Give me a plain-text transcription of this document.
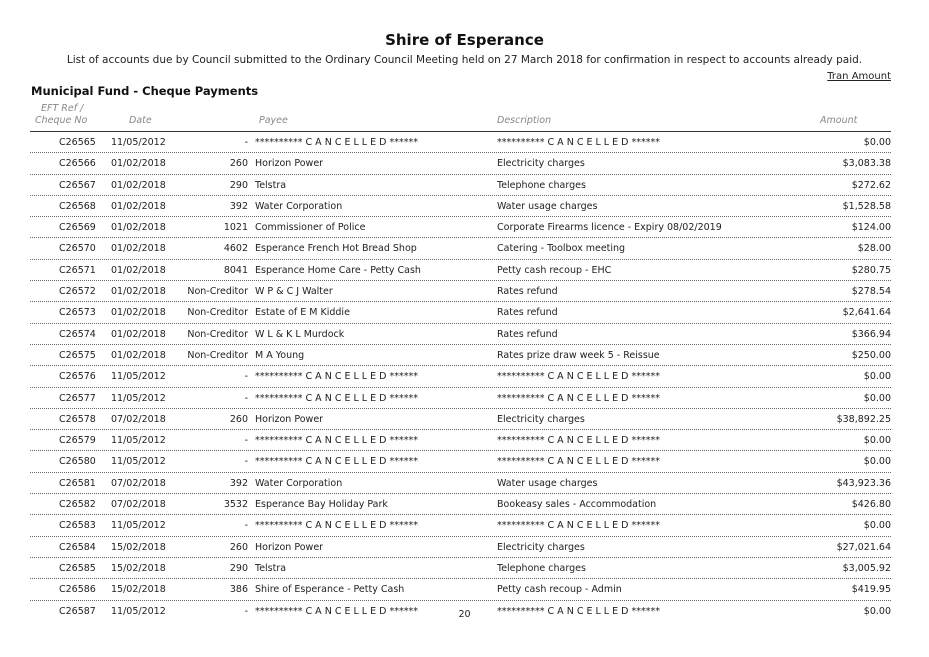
Shire of Esperance
List of accounts due by Council submitted to the Ordinary Council Meeting held on 27 March 2018 for confirmation in respect to accounts already paid.
Tran Amount
Municipal Fund - Cheque Payments
EFT Ref /
Cheque No	Date	Payee	Description	Amount
C26565 11/05/2012	- ********** C A N C E L L E D ******	********** C A N C E L L E D ******	$0.00
C26566 01/02/2018	260 Horizon Power	Electricity charges	$3,083.38
C26567 01/02/2018	290 Telstra	Telephone charges	$272.62
C26568 01/02/2018	392 Water Corporation	Water usage charges	$1,528.58
C26569 01/02/2018	1021 Commissioner of Police	Corporate Firearms licence - Expiry 08/02/2019	$124.00
C26570 01/02/2018	4602 Esperance French Hot Bread Shop	Catering - Toolbox meeting	$28.00
C26571 01/02/2018	8041 Esperance Home Care - Petty Cash	Petty cash recoup - EHC	$280.75
C26572 01/02/2018 Non-Creditor W P & C J Walter	Rates refund	$278.54
C26573 01/02/2018 Non-Creditor Estate of E M Kiddie	Rates refund	$2,641.64
C26574 01/02/2018 Non-Creditor W L & K L Murdock	Rates refund	$366.94
C26575 01/02/2018 Non-Creditor M A Young	Rates prize draw week 5 - Reissue	$250.00
C26576 11/05/2012	- ********** C A N C E L L E D ******	********** C A N C E L L E D ******	$0.00
C26577 11/05/2012	- ********** C A N C E L L E D ******	********** C A N C E L L E D ******	$0.00
C26578 07/02/2018	260 Horizon Power	Electricity charges	$38,892.25
C26579 11/05/2012	- ********** C A N C E L L E D ******	********** C A N C E L L E D ******	$0.00
C26580 11/05/2012	- ********** C A N C E L L E D ******	********** C A N C E L L E D ******	$0.00
C26581 07/02/2018	392 Water Corporation	Water usage charges	$43,923.36
C26582 07/02/2018	3532 Esperance Bay Holiday Park	Bookeasy sales - Accommodation	$426.80
C26583 11/05/2012	- ********** C A N C E L L E D ******	********** C A N C E L L E D ******	$0.00
C26584 15/02/2018	260 Horizon Power	Electricity charges	$27,021.64
C26585 15/02/2018	290 Telstra	Telephone charges	$3,005.92
C26586 15/02/2018	386 Shire of Esperance - Petty Cash	Petty cash recoup - Admin	$419.95
C26587 11/05/2012	- ********** C A N C E L L E D ******	********** C A N C E L L E D ******	$0.00
20
